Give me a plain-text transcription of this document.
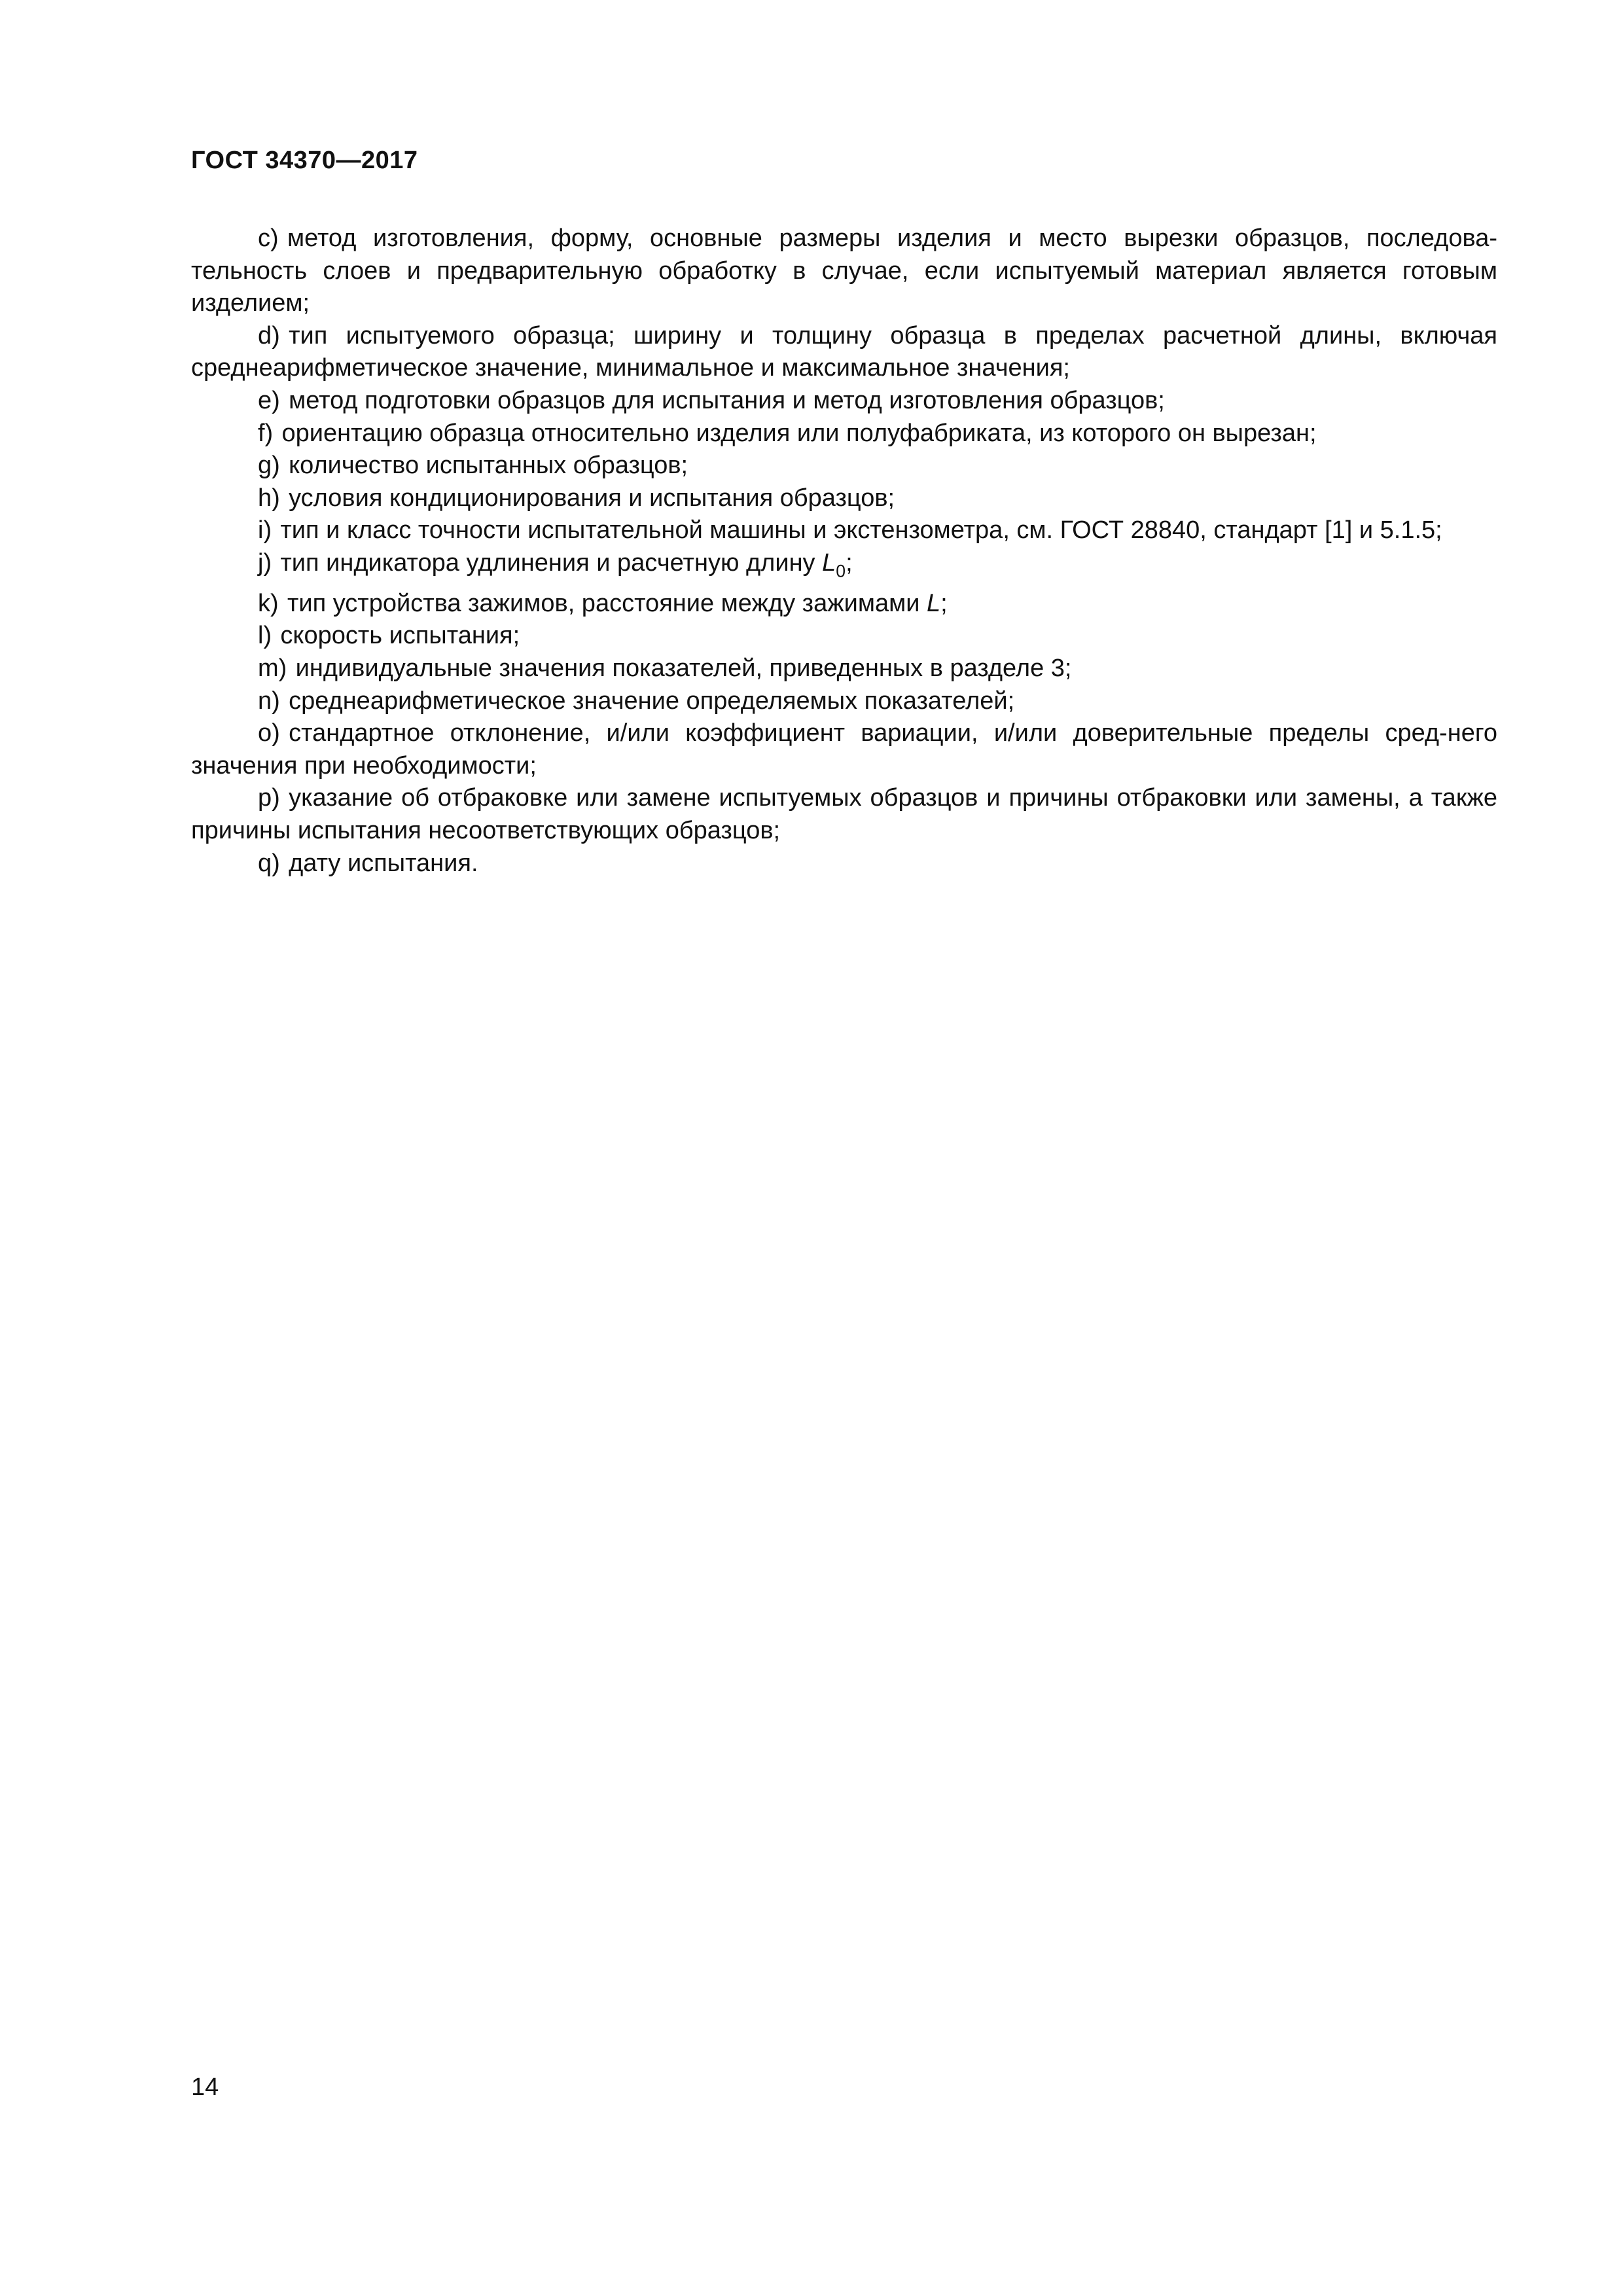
ГОСТ 34370—2017

c) метод изготовления, форму, основные размеры изделия и место вырезки образцов, последова-тельность слоев и предварительную обработку в случае, если испытуемый материал является готовым изделием;

d) тип испытуемого образца; ширину и толщину образца в пределах расчетной длины, включая среднеарифметическое значение, минимальное и максимальное значения;

e) метод подготовки образцов для испытания и метод изготовления образцов;

f) ориентацию образца относительно изделия или полуфабриката, из которого он вырезан;

g) количество испытанных образцов;

h) условия кондиционирования и испытания образцов;

i) тип и класс точности испытательной машины и экстензометра, см. ГОСТ 28840, стандарт [1] и 5.1.5;

j) тип индикатора удлинения и расчетную длину $L_0$;

k) тип устройства зажимов, расстояние между зажимами L;

l) скорость испытания;

m) индивидуальные значения показателей, приведенных в разделе 3;

n) среднеарифметическое значение определяемых показателей;

o) стандартное отклонение, и/или коэффициент вариации, и/или доверительные пределы сред-него значения при необходимости;

p) указание об отбраковке или замене испытуемых образцов и причины отбраковки или замены, а также причины испытания несоответствующих образцов;

q) дату испытания.

14
